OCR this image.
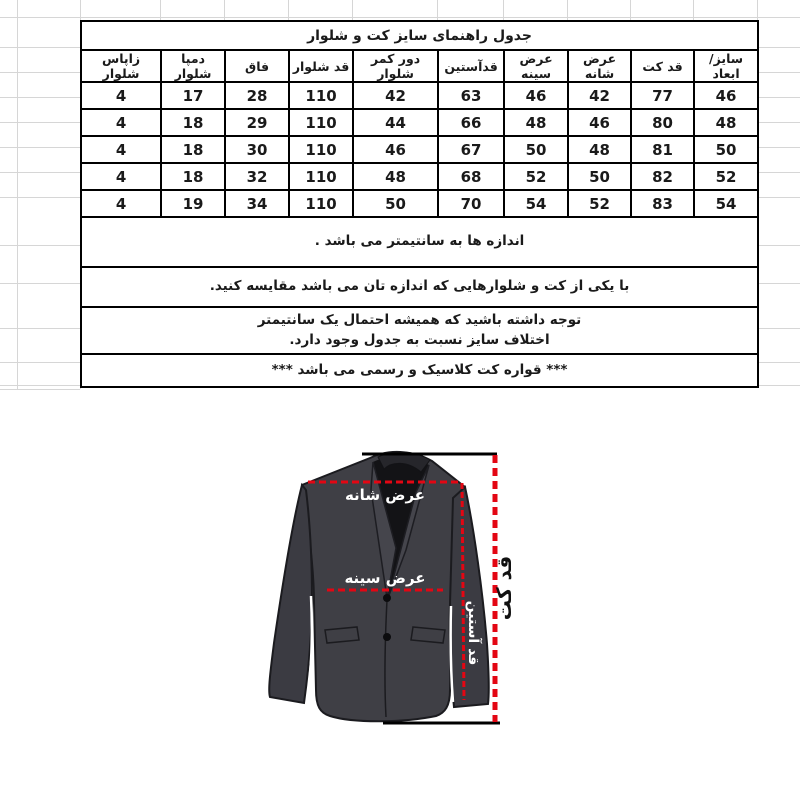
جدول راهنمای سایز کت و شلوار									
سایز/ ابعاد	قد کت	عرض شانه	عرض سینه	قدآستین	دور کمر شلوار	قد شلوار	فاق	دمپا شلوار	زاپاس شلوار
46	77	42	46	63	42	110	28	17	4
48	80	46	48	66	44	110	29	18	4
50	81	48	50	67	46	110	30	18	4
52	82	50	52	68	48	110	32	18	4
54	83	52	54	70	50	110	34	19	4
اندازه ها به سانتیمتر می باشد .									
با یکی از کت و شلوارهایی که اندازه تان می باشد مقایسه کنید.									

توجه داشته باشید که همیشه احتمال یک سانتیمتر
اختلاف سایز نسبت به جدول وجود دارد.									

*** قواره کت کلاسیک و رسمی می باشد ***									
عرض شانه
عرض سینه
قد آستین
قد کت
